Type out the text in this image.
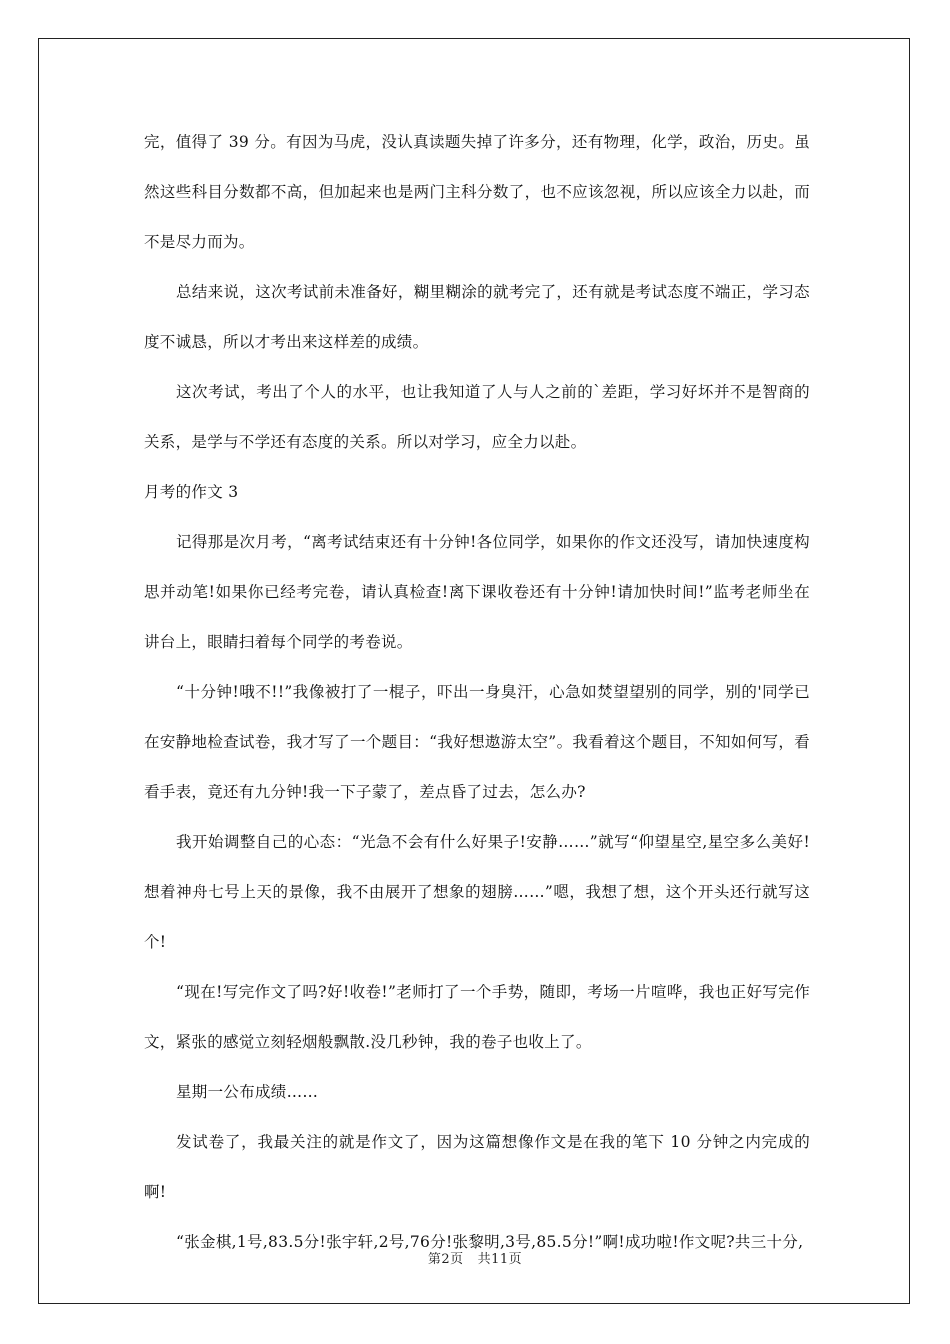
完，值得了 39 分。有因为马虎，没认真读题失掉了许多分，还有物理，化学，政治，历史。虽然这些科目分数都不高，但加起来也是两门主科分数了，也不应该忽视，所以应该全力以赴，而不是尽力而为。

总结来说，这次考试前未准备好，糊里糊涂的就考完了，还有就是考试态度不端正，学习态度不诚恳，所以才考出来这样差的成绩。

这次考试，考出了个人的水平，也让我知道了人与人之前的`差距，学习好坏并不是智商的关系，是学与不学还有态度的关系。所以对学习，应全力以赴。

月考的作文 3

记得那是次月考，“离考试结束还有十分钟!各位同学，如果你的作文还没写，请加快速度构思并动笔!如果你已经考完卷，请认真检查!离下课收卷还有十分钟!请加快时间!”监考老师坐在讲台上，眼睛扫着每个同学的考卷说。

“十分钟!哦不!!”我像被打了一棍子，吓出一身臭汗，心急如焚望望别的同学，别的'同学已在安静地检查试卷，我才写了一个题目：“我好想遨游太空”。我看着这个题目，不知如何写，看看手表，竟还有九分钟!我一下子蒙了，差点昏了过去，怎么办?

我开始调整自己的心态：“光急不会有什么好果子!安静……”就写“仰望星空,星空多么美好!想着神舟七号上天的景像，我不由展开了想象的翅膀……”嗯，我想了想，这个开头还行就写这个!

“现在!写完作文了吗?好!收卷!”老师打了一个手势，随即，考场一片喧哗，我也正好写完作文，紧张的感觉立刻轻烟般飘散.没几秒钟，我的卷子也收上了。

星期一公布成绩……

发试卷了，我最关注的就是作文了，因为这篇想像作文是在我的笔下 10 分钟之内完成的啊!

“张金棋,1号,83.5分!张宇轩,2号,76分!张黎明,3号,85.5分!”啊!成功啦!作文呢?共三十分,

第2页 共11页
